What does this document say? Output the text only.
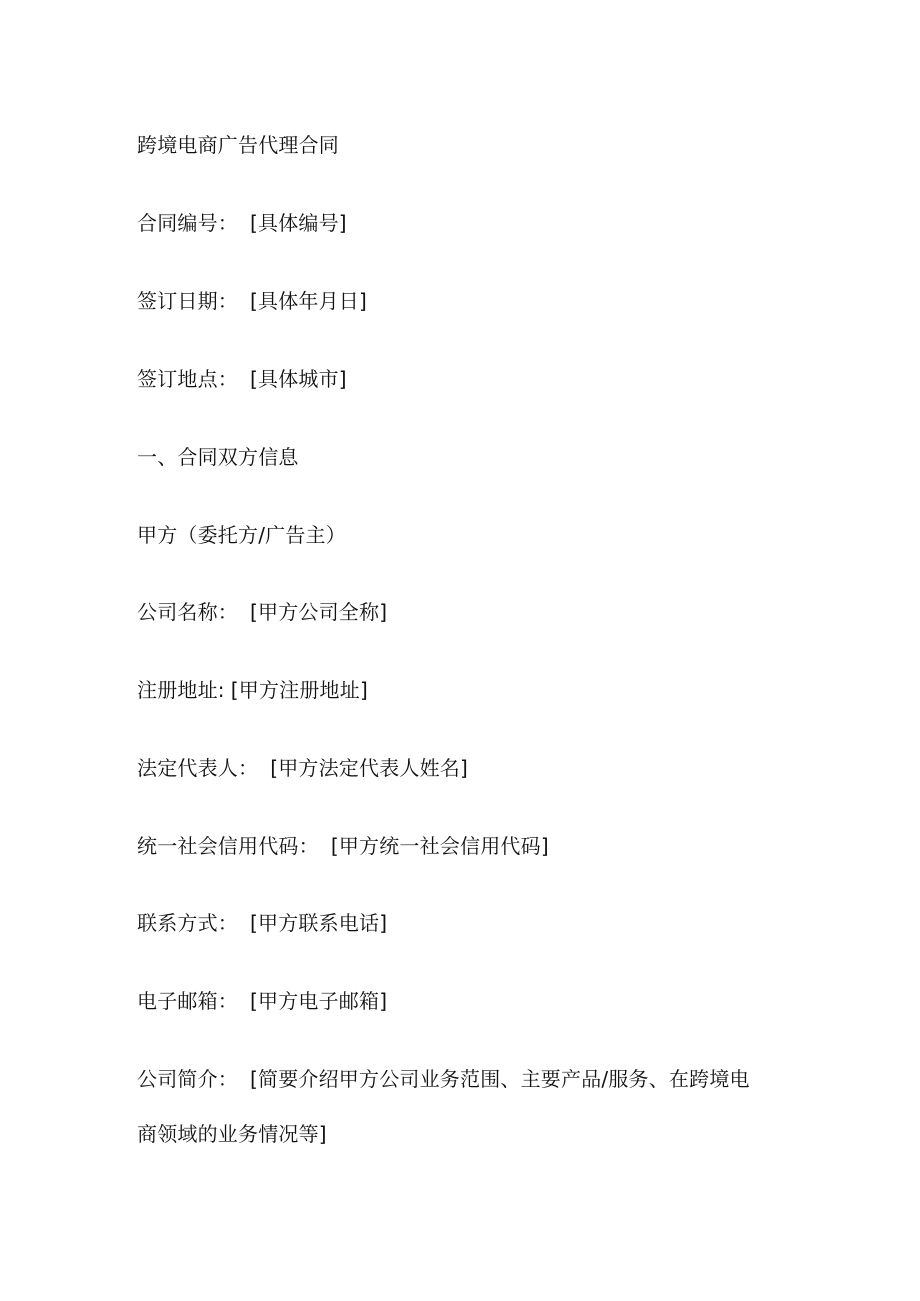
跨境电商广告代理合同
合同编号： [具体编号]
签订日期： [具体年月日]
签订地点： [具体城市]
一、合同双方信息
甲方（委托方/广告主）
公司名称： [甲方公司全称]
注册地址: [甲方注册地址]
法定代表人： [甲方法定代表人姓名]
统一社会信用代码： [甲方统一社会信用代码]
联系方式： [甲方联系电话]
电子邮箱： [甲方电子邮箱]
公司简介： [简要介绍甲方公司业务范围、主要产品/服务、在跨境电
商领域的业务情况等]
